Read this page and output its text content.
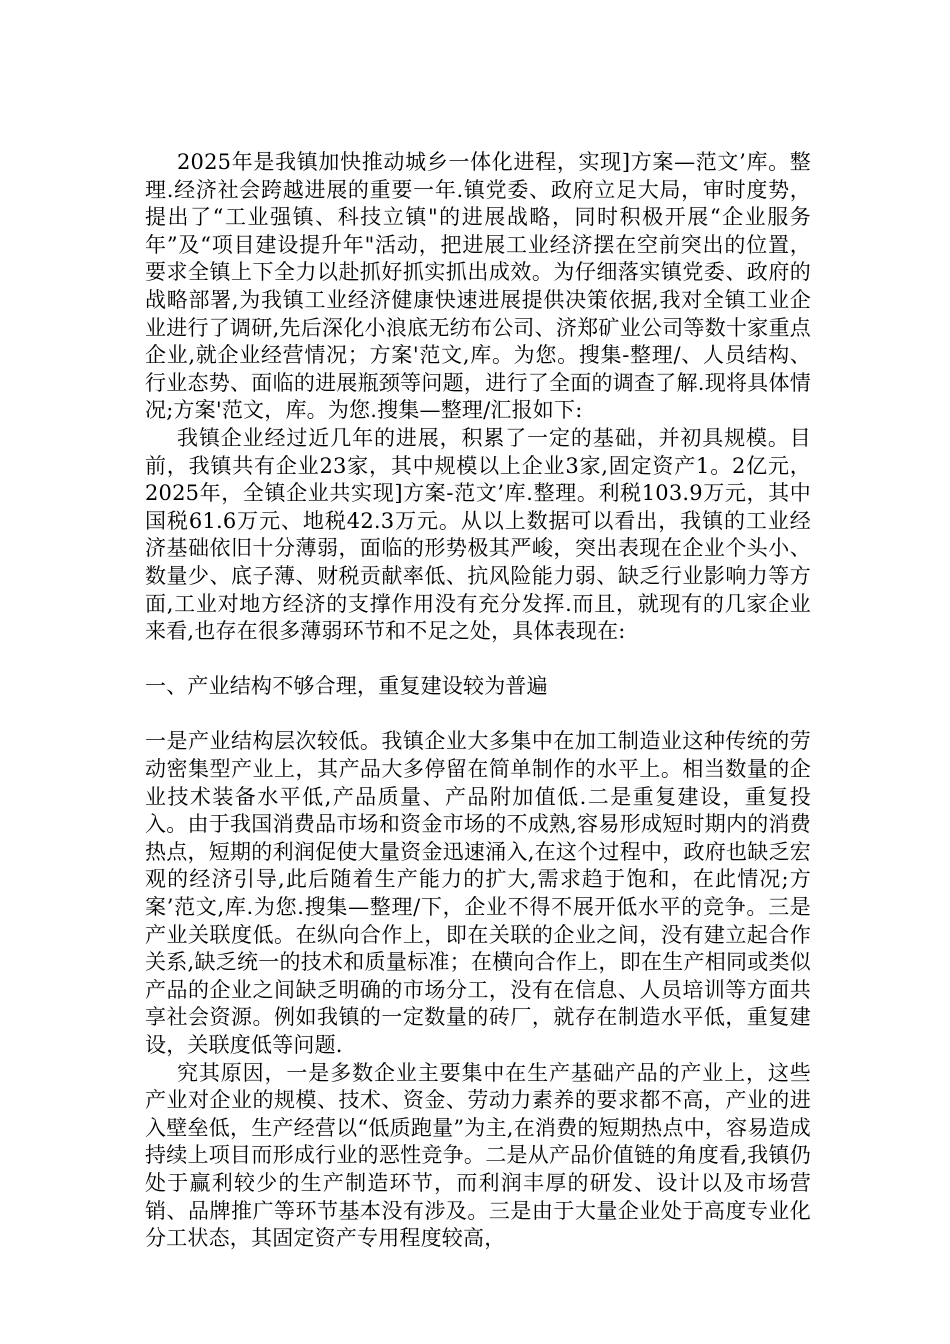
2025年是我镇加快推动城乡一体化进程，实现]方案—范文’库。整理.经济社会跨越进展的重要一年.镇党委、政府立足大局，审时度势，提出了“工业强镇、科技立镇"的进展战略，同时积极开展“企业服务年”及“项目建设提升年"活动，把进展工业经济摆在空前突出的位置，要求全镇上下全力以赴抓好抓实抓出成效。为仔细落实镇党委、政府的战略部署,为我镇工业经济健康快速进展提供决策依据,我对全镇工业企业进行了调研,先后深化小浪底无纺布公司、济郑矿业公司等数十家重点企业,就企业经营情况；方案'范文,库。为您。搜集-整理/、人员结构、行业态势、面临的进展瓶颈等问题，进行了全面的调查了解.现将具体情况;方案'范文，库。为您.搜集—整理/汇报如下:

我镇企业经过近几年的进展，积累了一定的基础，并初具规模。目前，我镇共有企业23家，其中规模以上企业3家,固定资产1。2亿元，2025年，全镇企业共实现]方案-范文’库.整理。利税103.9万元，其中国税61.6万元、地税42.3万元。从以上数据可以看出，我镇的工业经济基础依旧十分薄弱，面临的形势极其严峻，突出表现在企业个头小、数量少、底子薄、财税贡献率低、抗风险能力弱、缺乏行业影响力等方面,工业对地方经济的支撑作用没有充分发挥.而且，就现有的几家企业来看,也存在很多薄弱环节和不足之处，具体表现在:

一、产业结构不够合理，重复建设较为普遍

一是产业结构层次较低。我镇企业大多集中在加工制造业这种传统的劳动密集型产业上，其产品大多停留在简单制作的水平上。相当数量的企业技术装备水平低,产品质量、产品附加值低.二是重复建设，重复投入。由于我国消费品市场和资金市场的不成熟,容易形成短时期内的消费热点，短期的利润促使大量资金迅速涌入,在这个过程中，政府也缺乏宏观的经济引导,此后随着生产能力的扩大,需求趋于饱和，在此情况;方案’范文,库.为您.搜集—整理/下，企业不得不展开低水平的竞争。三是产业关联度低。在纵向合作上，即在关联的企业之间，没有建立起合作关系,缺乏统一的技术和质量标准；在横向合作上，即在生产相同或类似产品的企业之间缺乏明确的市场分工，没有在信息、人员培训等方面共享社会资源。例如我镇的一定数量的砖厂，就存在制造水平低，重复建设，关联度低等问题.

究其原因，一是多数企业主要集中在生产基础产品的产业上，这些产业对企业的规模、技术、资金、劳动力素养的要求都不高，产业的进入壁垒低，生产经营以“低质跑量”为主,在消费的短期热点中，容易造成持续上项目而形成行业的恶性竞争。二是从产品价值链的角度看,我镇仍处于赢利较少的生产制造环节，而利润丰厚的研发、设计以及市场营销、品牌推广等环节基本没有涉及。三是由于大量企业处于高度专业化分工状态，其固定资产专用程度较高，
